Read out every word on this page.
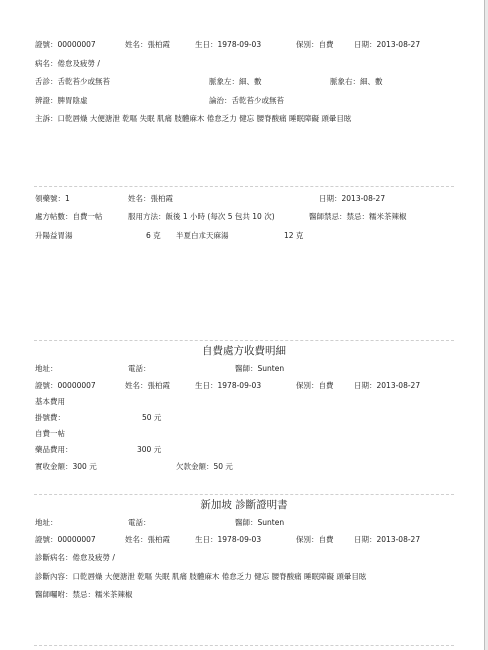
證號：00000007	姓名：張柏霞	生日：1978-09-03	保別：自費	日期：2013-08-27
病名：倦怠及疲勞 /
舌診：舌乾苔少或無苔	脈象左：細、數	脈象右：細、數
辨證：脾胃陰虛	論治：舌乾苔少或無苔
主訴：口乾唇燥 大便溏泄 乾嘔 失眠 肌痛 肢體麻木 倦怠乏力 健忘 腰脊酸痛 睡眠障礙 頭暈目眩
領藥號：1	姓名：張柏霞	日期：2013-08-27
處方帖數：自費一帖	服用方法：飯後 1 小時 (每次 5 包共 10 次)	醫師禁忌：禁忌：糯米茶辣椒
升陽益胃湯	6 克 半夏白朮天麻湯	12 克
自費處方收費明細
地址：	電話：	醫師：Sunten
證號：00000007	姓名：張柏霞	生日：1978-09-03	保別：自費	日期：2013-08-27
基本費用
掛號費：	50 元
自費一帖
藥品費用：	300 元
實收金額：300 元	欠款金額：50 元
新加坡 診斷證明書
地址：	電話：	醫師：Sunten
證號：00000007	姓名：張柏霞	生日：1978-09-03	保別：自費	日期：2013-08-27
診斷病名：倦怠及疲勞 /
診斷內容：口乾唇燥 大便溏泄 乾嘔 失眠 肌痛 肢體麻木 倦怠乏力 健忘 腰脊酸痛 睡眠障礙 頭暈目眩
醫師囑咐：禁忌：糯米茶辣椒
